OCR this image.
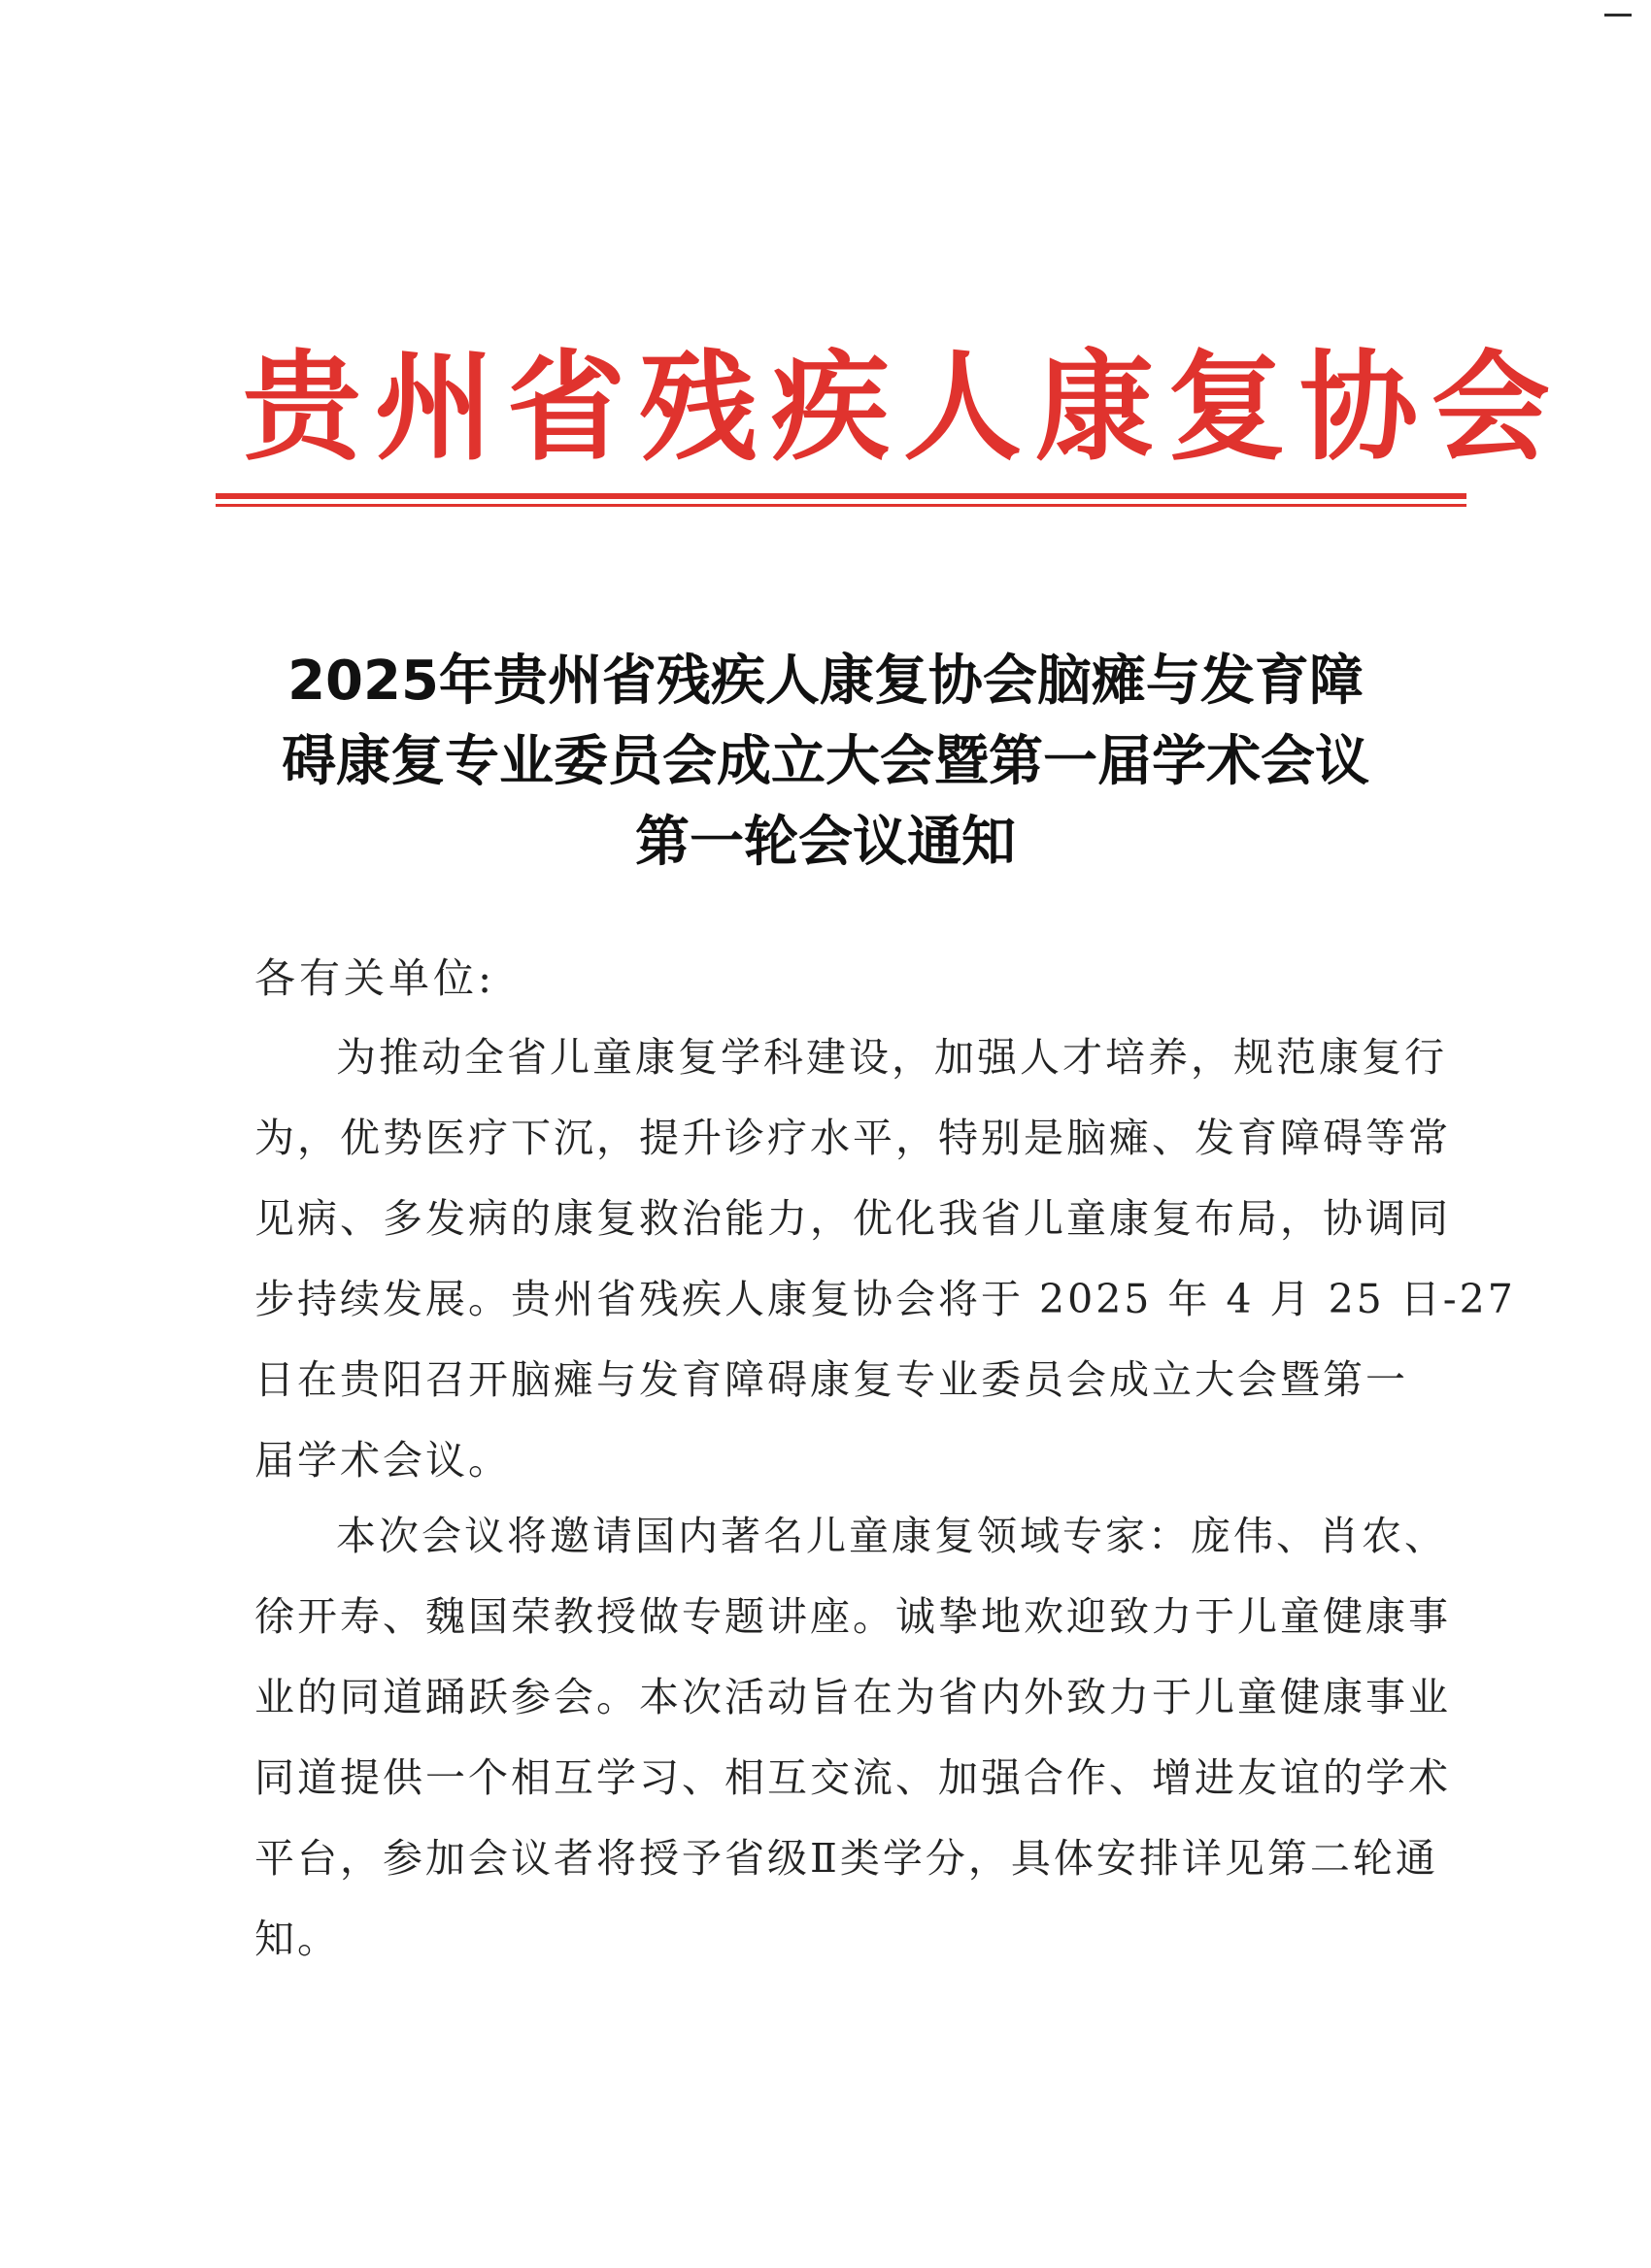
贵州省残疾人康复协会
2025年贵州省残疾人康复协会脑瘫与发育障
碍康复专业委员会成立大会暨第一届学术会议
第一轮会议通知
各有关单位:
为推动全省儿童康复学科建设，加强人才培养，规范康复行
为，优势医疗下沉，提升诊疗水平，特别是脑瘫、发育障碍等常
见病、多发病的康复救治能力，优化我省儿童康复布局，协调同
步持续发展。贵州省残疾人康复协会将于 2025 年 4 月 25 日-27
日在贵阳召开脑瘫与发育障碍康复专业委员会成立大会暨第一
届学术会议。
本次会议将邀请国内著名儿童康复领域专家：庞伟、肖农、
徐开寿、魏国荣教授做专题讲座。诚挚地欢迎致力于儿童健康事
业的同道踊跃参会。本次活动旨在为省内外致力于儿童健康事业
同道提供一个相互学习、相互交流、加强合作、增进友谊的学术
平台，参加会议者将授予省级Ⅱ类学分，具体安排详见第二轮通
知。
